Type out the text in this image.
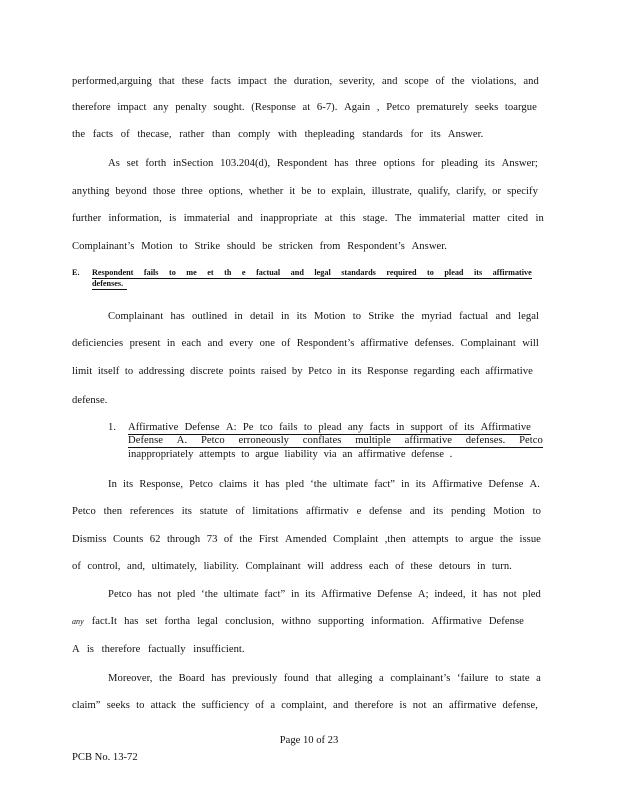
performed,arguing that these facts impact the duration, severity, and scope of the violations, and
therefore impact any penalty sought. (Response at 6-7). Again , Petco prematurely seeks toargue
the facts of thecase, rather than comply with thepleading standards for its Answer.
As set forth inSection 103.204(d), Respondent has three options for pleading its Answer;
anything beyond those three options, whether it be to explain, illustrate, qualify, clarify, or specify
further information, is immaterial and inappropriate at this stage. The immaterial matter cited in
Complainant’s Motion to Strike should be stricken from Respondent’s Answer.
E.	Respondent fails to me et th e factual and legal standards required to plead its affirmative
defenses.
Complainant has outlined in detail in its Motion to Strike the myriad factual and legal
deficiencies present in each and every one of Respondent’s affirmative defenses. Complainant will
limit itself to addressing discrete points raised by Petco in its Response regarding each affirmative
defense.
1. Affirmative Defense A: Pe tco fails to plead any facts in support of its Affirmative
Defense A. Petco erroneously conflates multiple affirmative defenses. Petco
inappropriately attempts to argue liability via an affirmative defense .
In its Response, Petco claims it has pled ‘the ultimate fact” in its Affirmative Defense A.
Petco then references its statute of limitations affirmativ e defense and its pending Motion to
Dismiss Counts 62 through 73 of the First Amended Complaint ,then attempts to argue the issue
of control, and, ultimately, liability. Complainant will address each of these detours in turn.
Petco has not pled ‘the ultimate fact” in its Affirmative Defense A; indeed, it has not pled
any fact.It has set fortha legal conclusion, withno supporting information. Affirmative Defense
A is therefore factually insufficient.
Moreover, the Board has previously found that alleging a complainant’s ‘failure to state a
claim” seeks to attack the sufficiency of a complaint, and therefore is not an affirmative defense,
Page 10 of 23
PCB No. 13-72
